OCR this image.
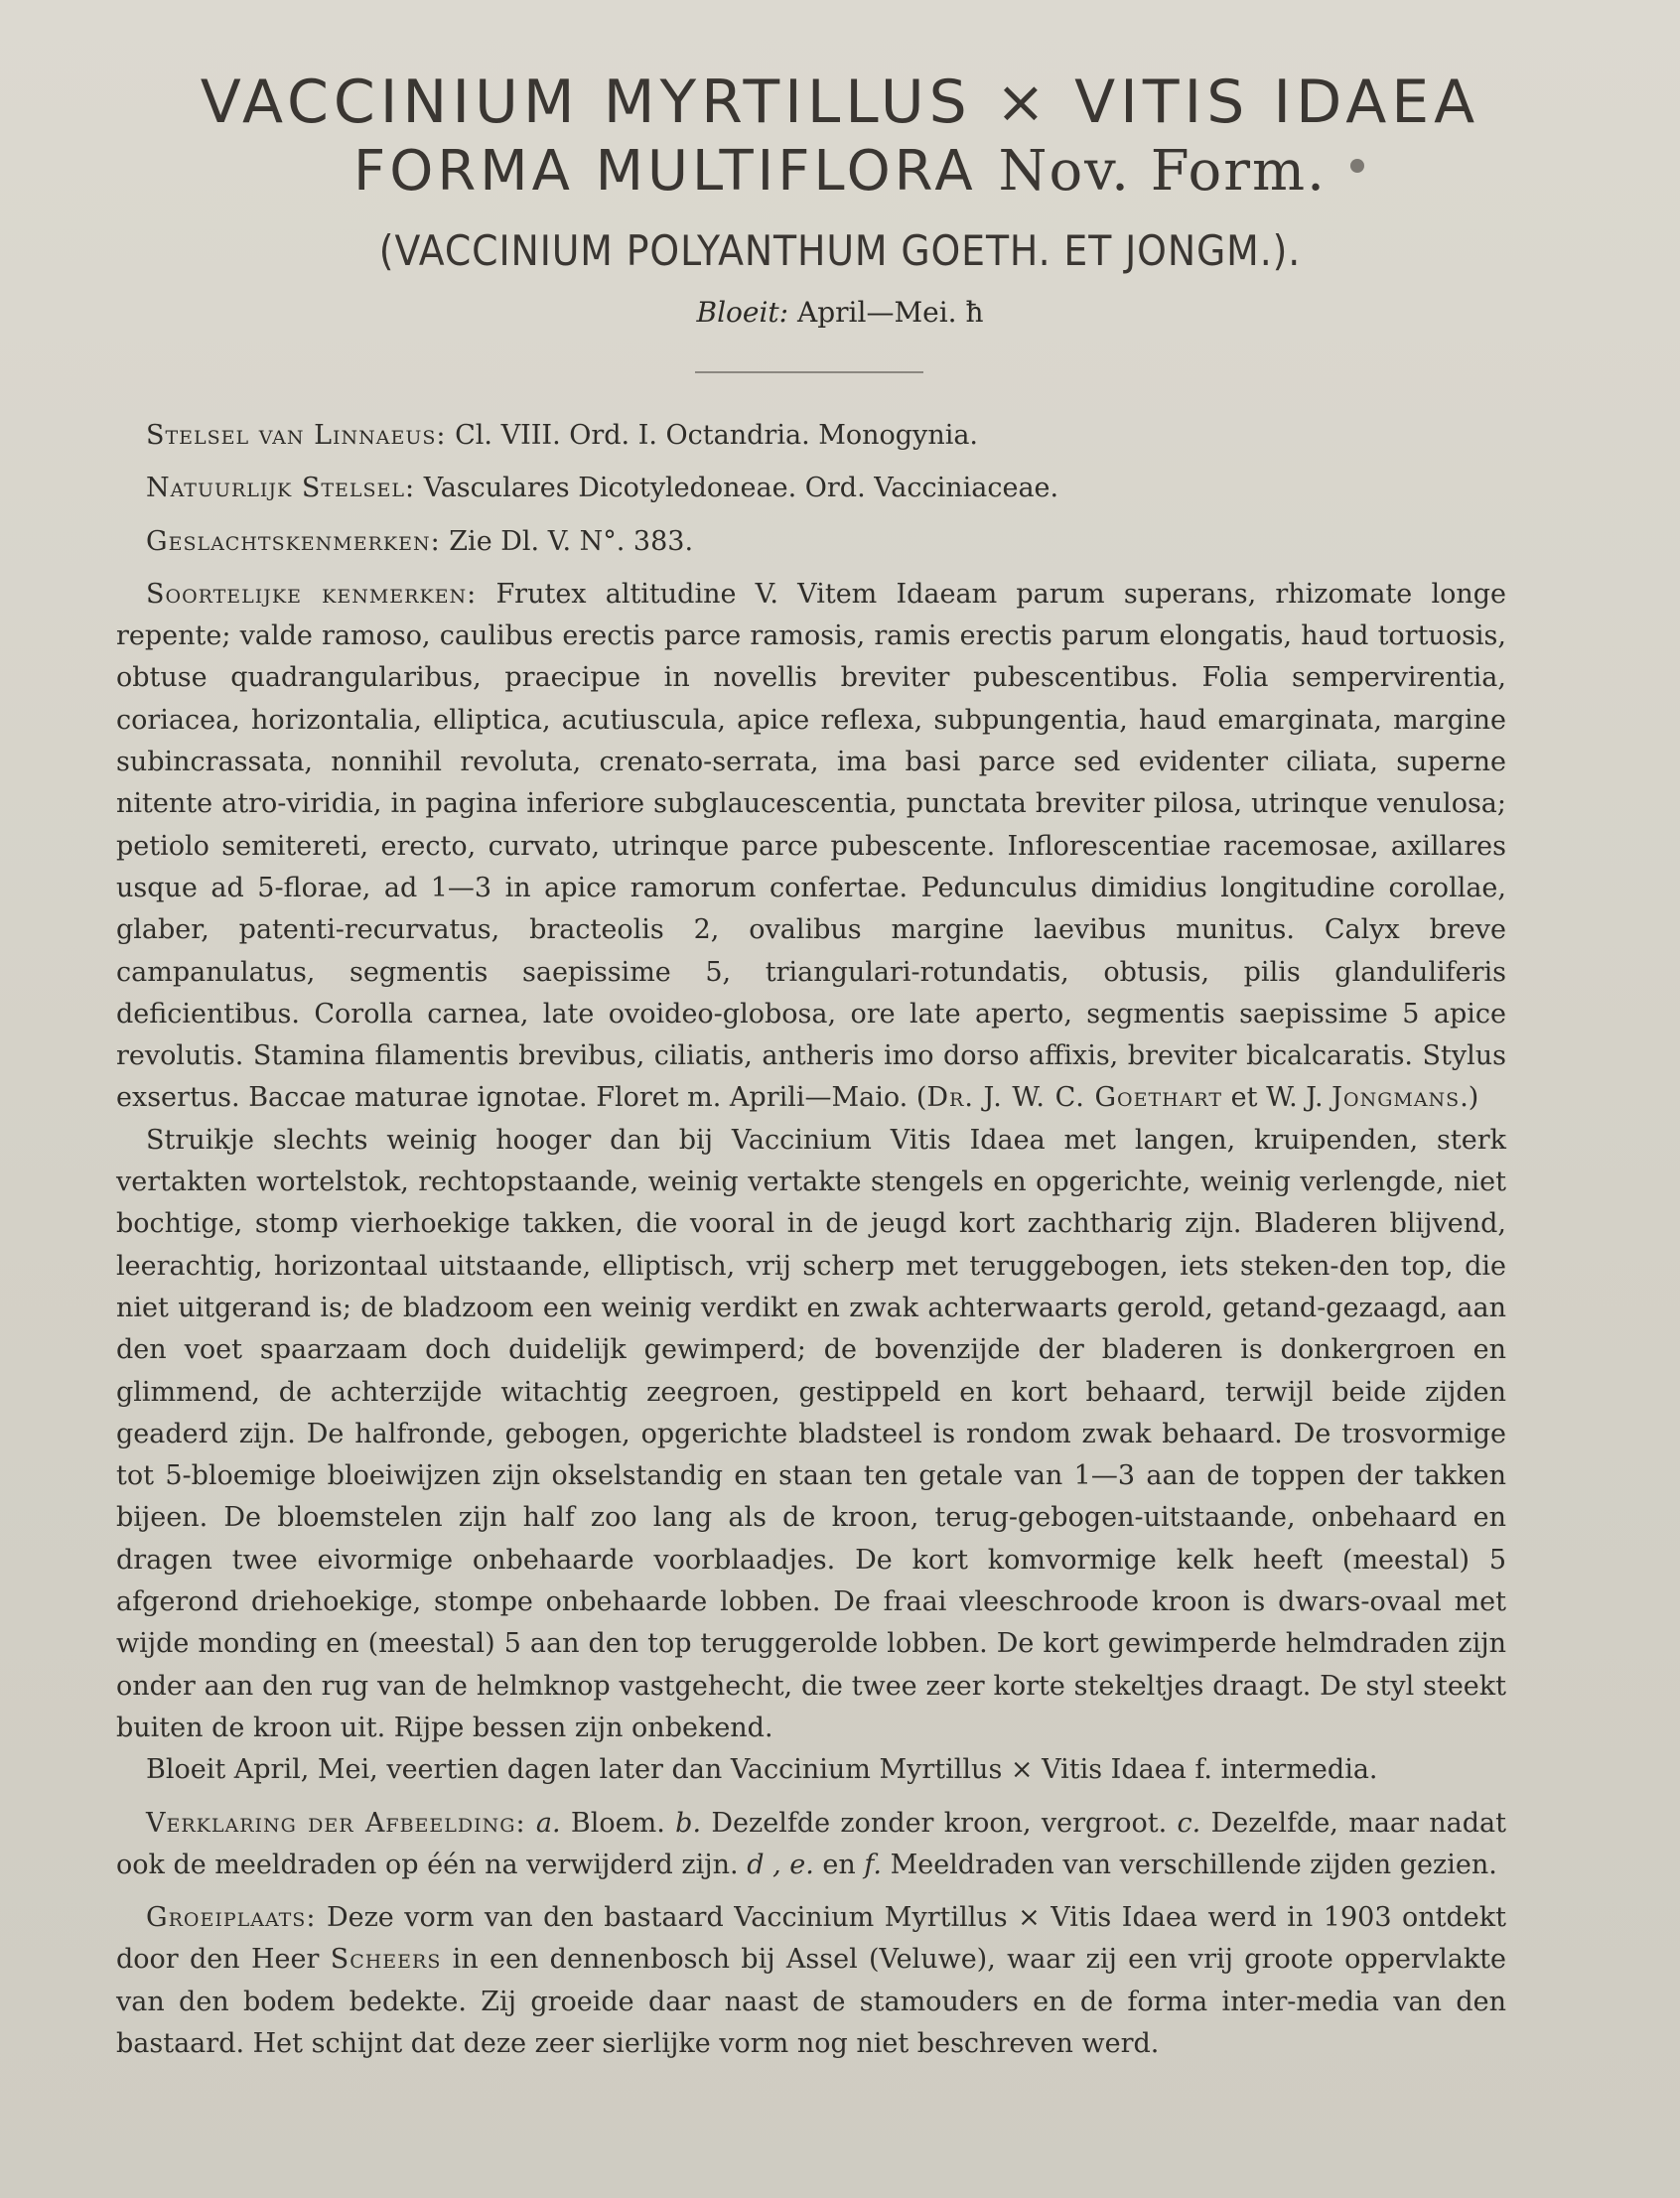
VACCINIUM MYRTILLUS × VITIS IDAEA
FORMA MULTIFLORA Nov. Form.
(VACCINIUM POLYANTHUM GOETH. ET JONGM.).
Bloeit: April—Mei. ħ

Stelsel van Linnaeus: Cl. VIII. Ord. I. Octandria. Monogynia.

Natuurlijk Stelsel: Vasculares Dicotyledoneae. Ord. Vacciniaceae.

Geslachtskenmerken: Zie Dl. V. N°. 383.

Soortelijke kenmerken: Frutex altitudine V. Vitem Idaeam parum superans, rhizomate longe repente; valde ramoso, caulibus erectis parce ramosis, ramis erectis parum elongatis, haud tortuosis, obtuse quadrangularibus, praecipue in novellis breviter pubescentibus. Folia sempervirentia, coriacea, horizontalia, elliptica, acutiuscula, apice reflexa, subpungentia, haud emarginata, margine subincrassata, nonnihil revoluta, crenato-serrata, ima basi parce sed evidenter ciliata, superne nitente atro-viridia, in pagina inferiore subglaucescentia, punctata breviter pilosa, utrinque venulosa; petiolo semitereti, erecto, curvato, utrinque parce pubescente. Inflorescentiae racemosae, axillares usque ad 5-florae, ad 1—3 in apice ramorum confertae. Pedunculus dimidius longitudine corollae, glaber, patenti-recurvatus, bracteolis 2, ovalibus margine laevibus munitus. Calyx breve campanulatus, segmentis saepissime 5, triangulari-rotundatis, obtusis, pilis glanduliferis deficientibus. Corolla carnea, late ovoideo-globosa, ore late aperto, segmentis saepissime 5 apice revolutis. Stamina filamentis brevibus, ciliatis, antheris imo dorso affixis, breviter bicalcaratis. Stylus exsertus. Baccae maturae ignotae. Floret m. Aprili—Maio. (Dr. J. W. C. Goethart et W. J. Jongmans.)

Struikje slechts weinig hooger dan bij Vaccinium Vitis Idaea met langen, kruipenden, sterk vertakten wortelstok, rechtopstaande, weinig vertakte stengels en opgerichte, weinig verlengde, niet bochtige, stomp vierhoekige takken, die vooral in de jeugd kort zachtharig zijn. Bladeren blijvend, leerachtig, horizontaal uitstaande, elliptisch, vrij scherp met teruggebogen, iets steken-den top, die niet uitgerand is; de bladzoom een weinig verdikt en zwak achterwaarts gerold, getand-gezaagd, aan den voet spaarzaam doch duidelijk gewimperd; de bovenzijde der bladeren is donkergroen en glimmend, de achterzijde witachtig zeegroen, gestippeld en kort behaard, terwijl beide zijden geaderd zijn. De halfronde, gebogen, opgerichte bladsteel is rondom zwak behaard. De trosvormige tot 5-bloemige bloeiwijzen zijn okselstandig en staan ten getale van 1—3 aan de toppen der takken bijeen. De bloemstelen zijn half zoo lang als de kroon, terug-gebogen-uitstaande, onbehaard en dragen twee eivormige onbehaarde voorblaadjes. De kort komvormige kelk heeft (meestal) 5 afgerond driehoekige, stompe onbehaarde lobben. De fraai vleeschroode kroon is dwars-ovaal met wijde monding en (meestal) 5 aan den top teruggerolde lobben. De kort gewimperde helmdraden zijn onder aan den rug van de helmknop vastgehecht, die twee zeer korte stekeltjes draagt. De styl steekt buiten de kroon uit. Rijpe bessen zijn onbekend.

Bloeit April, Mei, veertien dagen later dan Vaccinium Myrtillus × Vitis Idaea f. intermedia.

Verklaring der Afbeelding: a. Bloem. b. Dezelfde zonder kroon, vergroot. c. Dezelfde, maar nadat ook de meeldraden op één na verwijderd zijn. d , e. en f. Meeldraden van verschillende zijden gezien.

Groeiplaats: Deze vorm van den bastaard Vaccinium Myrtillus × Vitis Idaea werd in 1903 ontdekt door den Heer Scheers in een dennenbosch bij Assel (Veluwe), waar zij een vrij groote oppervlakte van den bodem bedekte. Zij groeide daar naast de stamouders en de forma inter-media van den bastaard. Het schijnt dat deze zeer sierlijke vorm nog niet beschreven werd.
